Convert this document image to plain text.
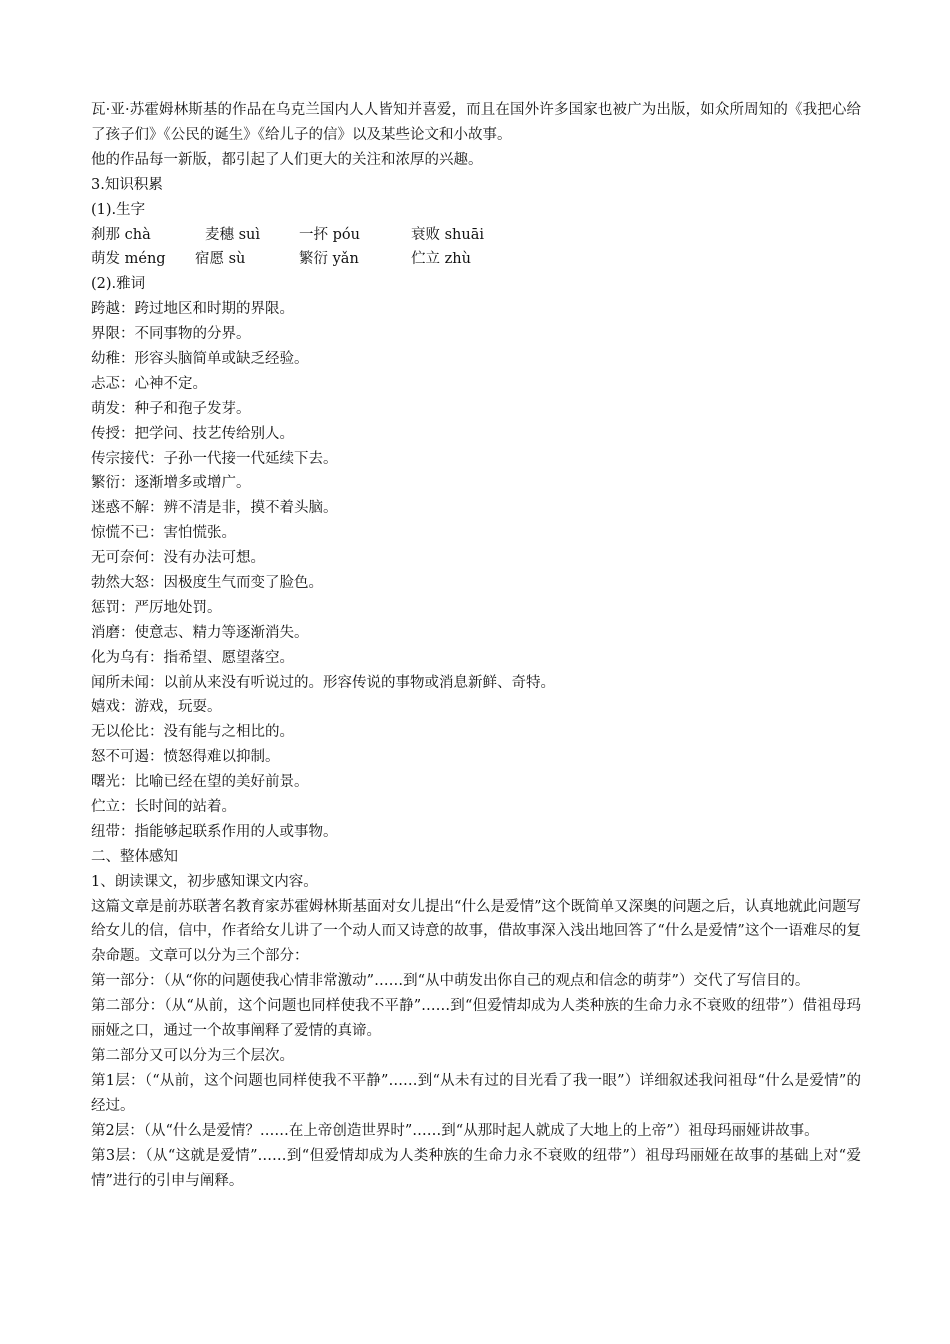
瓦·亚·苏霍姆林斯基的作品在乌克兰国内人人皆知并喜爱，而且在国外许多国家也被广为出版，如众所周知的《我把心给了孩子们》《公民的诞生》《给儿子的信》以及某些论文和小故事。
他的作品每一新版，都引起了人们更大的关注和浓厚的兴趣。
3.知识积累
(1).生字
刹那 chà	麦穗 suì	一抔 póu	衰败 shuāi
萌发 méng 宿愿 sù	繁衍 yǎn	伫立 zhù
(2).雅词
跨越：跨过地区和时期的界限。
界限：不同事物的分界。
幼稚：形容头脑简单或缺乏经验。
忐忑：心神不定。
萌发：种子和孢子发芽。
传授：把学问、技艺传给别人。
传宗接代：子孙一代接一代延续下去。
繁衍：逐渐增多或增广。
迷惑不解：辨不清是非，摸不着头脑。
惊慌不已：害怕慌张。
无可奈何：没有办法可想。
勃然大怒：因极度生气而变了脸色。
惩罚：严厉地处罚。
消磨：使意志、精力等逐渐消失。
化为乌有：指希望、愿望落空。
闻所未闻：以前从来没有听说过的。形容传说的事物或消息新鲜、奇特。
嬉戏：游戏，玩耍。
无以伦比：没有能与之相比的。
怒不可遏：愤怒得难以抑制。
曙光：比喻已经在望的美好前景。
伫立：长时间的站着。
纽带：指能够起联系作用的人或事物。
二、整体感知
1、朗读课文，初步感知课文内容。
这篇文章是前苏联著名教育家苏霍姆林斯基面对女儿提出“什么是爱情”这个既简单又深奥的问题之后，认真地就此问题写给女儿的信，信中，作者给女儿讲了一个动人而又诗意的故事，借故事深入浅出地回答了“什么是爱情”这个一语难尽的复杂命题。文章可以分为三个部分：
第一部分：（从“你的问题使我心情非常激动”……到“从中萌发出你自己的观点和信念的萌芽”）交代了写信目的。
第二部分：（从“从前，这个问题也同样使我不平静”……到“但爱情却成为人类种族的生命力永不衰败的纽带”）借祖母玛丽娅之口，通过一个故事阐释了爱情的真谛。
第二部分又可以分为三个层次。
第1层：（“从前，这个问题也同样使我不平静”……到“从未有过的目光看了我一眼”）详细叙述我问祖母“什么是爱情”的经过。
第2层：（从“什么是爱情？……在上帝创造世界时”……到“从那时起人就成了大地上的上帝”）祖母玛丽娅讲故事。
第3层：（从“这就是爱情”……到“但爱情却成为人类种族的生命力永不衰败的纽带”）祖母玛丽娅在故事的基础上对“爱情”进行的引申与阐释。
